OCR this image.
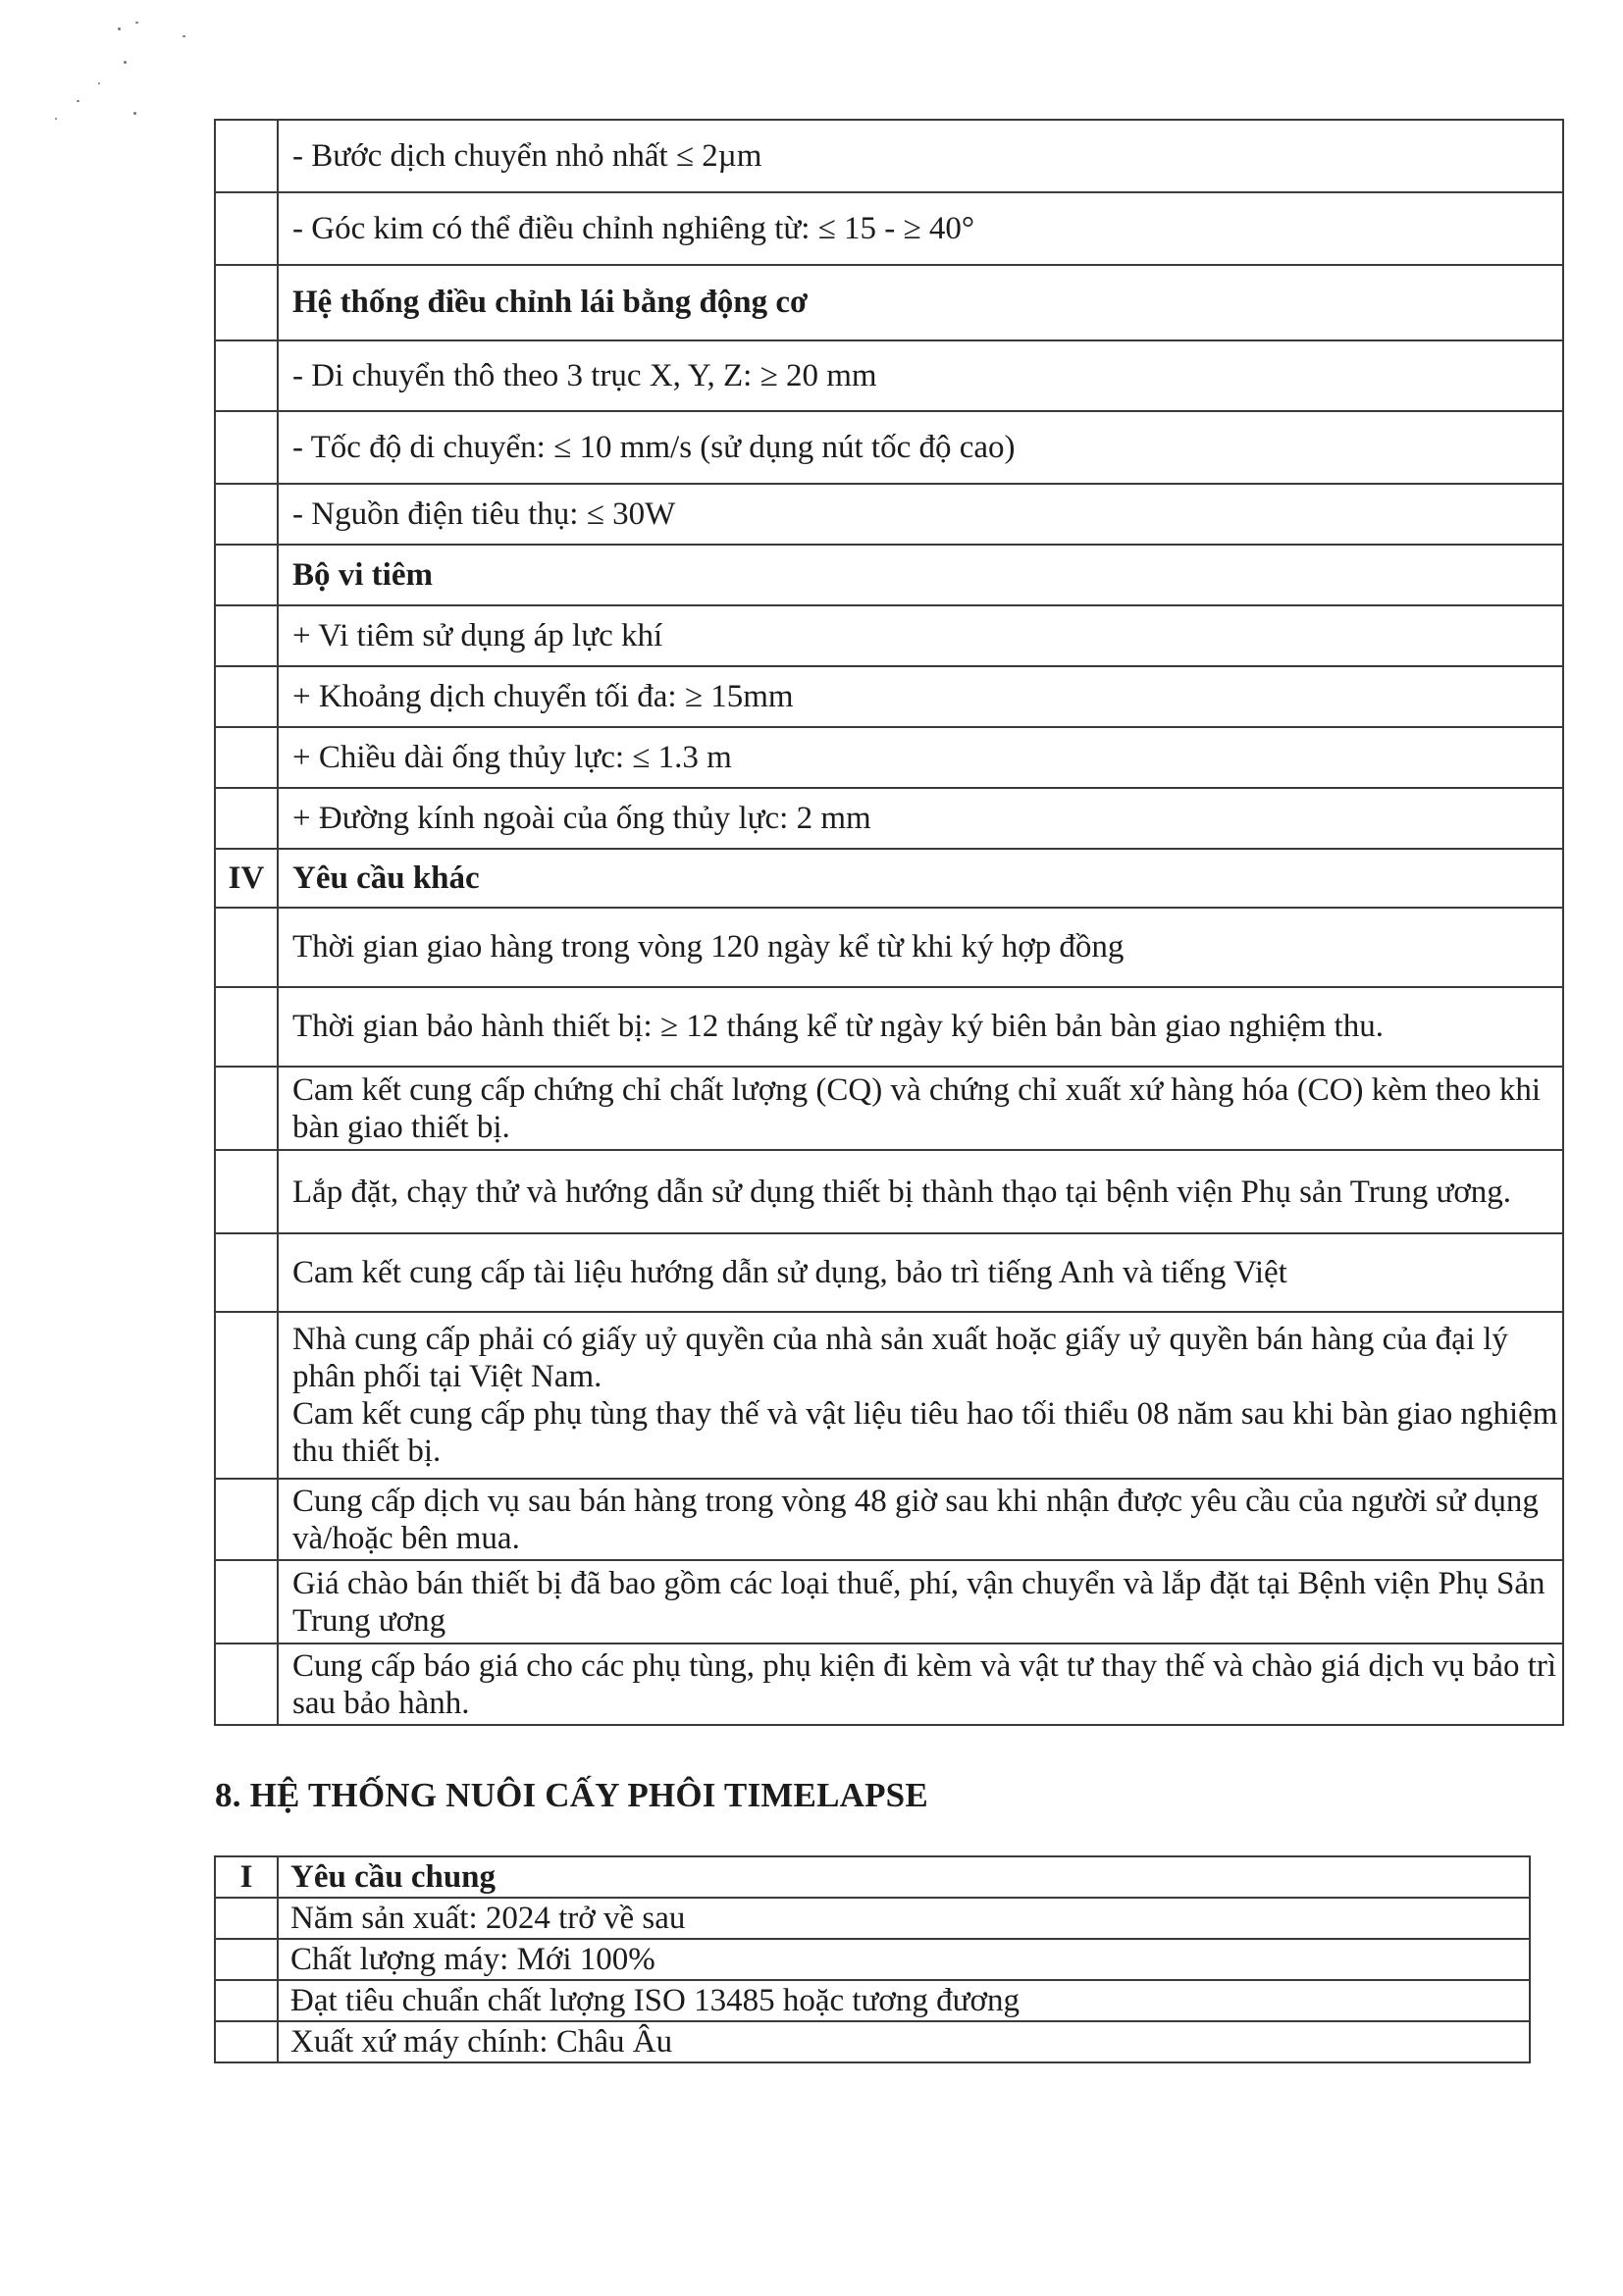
	- Bước dịch chuyển nhỏ nhất ≤ 2µm
	- Góc kim có thể điều chỉnh nghiêng từ: ≤ 15 - ≥ 40°
	Hệ thống điều chỉnh lái bằng động cơ
	- Di chuyển thô theo 3 trục X, Y, Z: ≥ 20 mm
	- Tốc độ di chuyển: ≤ 10 mm/s (sử dụng nút tốc độ cao)
	- Nguồn điện tiêu thụ: ≤ 30W
	Bộ vi tiêm
	+ Vi tiêm sử dụng áp lực khí
	+ Khoảng dịch chuyển tối đa: ≥ 15mm
	+ Chiều dài ống thủy lực: ≤ 1.3 m
	+ Đường kính ngoài của ống thủy lực: 2 mm
IV	Yêu cầu khác
	Thời gian giao hàng trong vòng 120 ngày kể từ khi ký hợp đồng
	Thời gian bảo hành thiết bị: ≥ 12 tháng kể từ ngày ký biên bản bàn giao nghiệm thu.
	Cam kết cung cấp chứng chỉ chất lượng (CQ) và chứng chỉ xuất xứ hàng hóa (CO) kèm theo khi bàn giao thiết bị.
	Lắp đặt, chạy thử và hướng dẫn sử dụng thiết bị thành thạo tại bệnh viện Phụ sản Trung ương.
	Cam kết cung cấp tài liệu hướng dẫn sử dụng, bảo trì tiếng Anh và tiếng Việt

	Nhà cung cấp phải có giấy uỷ quyền của nhà sản xuất hoặc giấy uỷ quyền bán hàng của đại lý phân phối tại Việt Nam.
Cam kết cung cấp phụ tùng thay thế và vật liệu tiêu hao tối thiểu 08 năm sau khi bàn giao nghiệm thu thiết bị.

	Cung cấp dịch vụ sau bán hàng trong vòng 48 giờ sau khi nhận được yêu cầu của người sử dụng và/hoặc bên mua.
	Giá chào bán thiết bị đã bao gồm các loại thuế, phí, vận chuyển và lắp đặt tại Bệnh viện Phụ Sản Trung ương
	Cung cấp báo giá cho các phụ tùng, phụ kiện đi kèm và vật tư thay thế và chào giá dịch vụ bảo trì sau bảo hành.
8. HỆ THỐNG NUÔI CẤY PHÔI TIMELAPSE
I	Yêu cầu chung
	Năm sản xuất: 2024 trở về sau
	Chất lượng máy: Mới 100%
	Đạt tiêu chuẩn chất lượng ISO 13485 hoặc tương đương
	Xuất xứ máy chính: Châu Âu
